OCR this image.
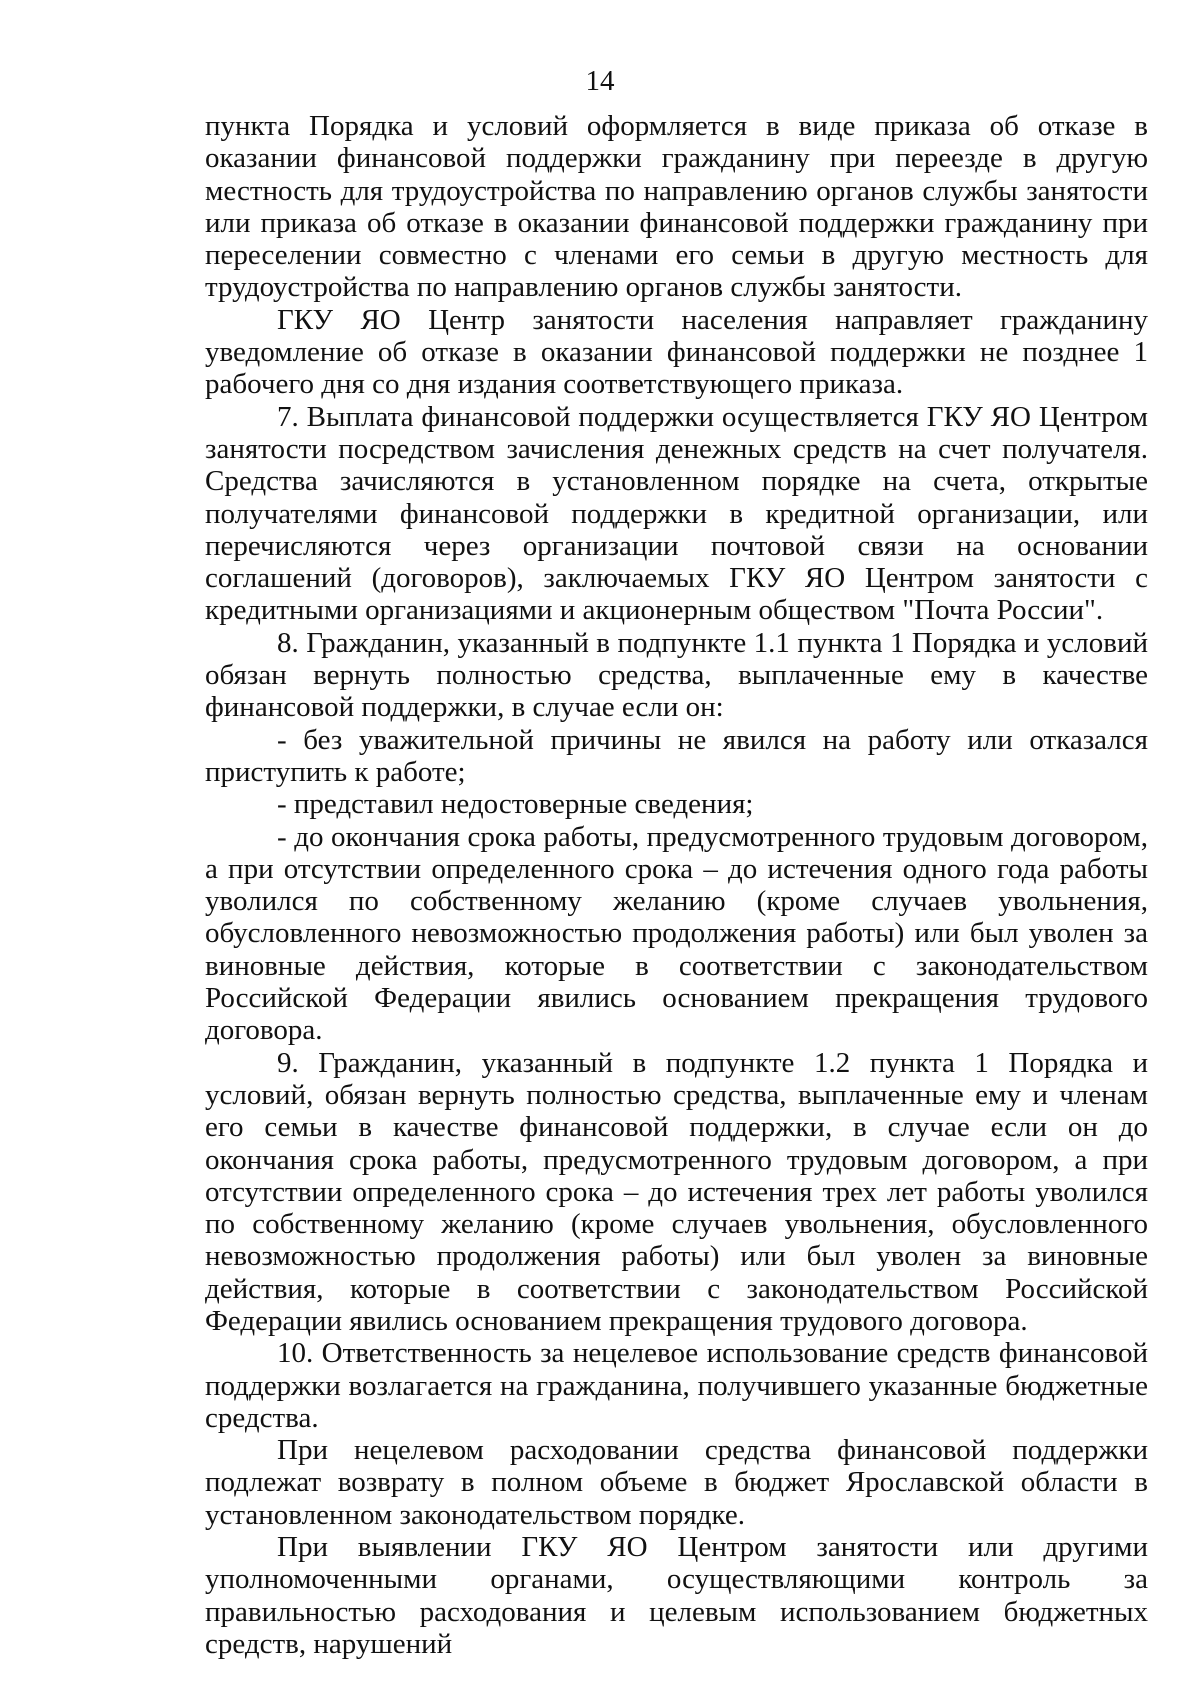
14

пункта Порядка и условий оформляется в виде приказа об отказе в оказании финансовой поддержки гражданину при переезде в другую местность для трудоустройства по направлению органов службы занятости или приказа об отказе в оказании финансовой поддержки гражданину при переселении совместно с членами его семьи в другую местность для трудоустройства по направлению органов службы занятости.

ГКУ ЯО Центр занятости населения направляет гражданину уведомление об отказе в оказании финансовой поддержки не позднее 1 рабочего дня со дня издания соответствующего приказа.

7. Выплата финансовой поддержки осуществляется ГКУ ЯО Центром занятости посредством зачисления денежных средств на счет получателя. Средства зачисляются в установленном порядке на счета, открытые получателями финансовой поддержки в кредитной организации, или перечисляются через организации почтовой связи на основании соглашений (договоров), заключаемых ГКУ ЯО Центром занятости с кредитными организациями и акционерным обществом "Почта России".

8. Гражданин, указанный в подпункте 1.1 пункта 1 Порядка и условий обязан вернуть полностью средства, выплаченные ему в качестве финансовой поддержки, в случае если он:

- без уважительной причины не явился на работу или отказался приступить к работе;

- представил недостоверные сведения;

- до окончания срока работы, предусмотренного трудовым договором, а при отсутствии определенного срока – до истечения одного года работы уволился по собственному желанию (кроме случаев увольнения, обусловленного невозможностью продолжения работы) или был уволен за виновные действия, которые в соответствии с законодательством Российской Федерации явились основанием прекращения трудового договора.

9. Гражданин, указанный в подпункте 1.2 пункта 1 Порядка и условий, обязан вернуть полностью средства, выплаченные ему и членам его семьи в качестве финансовой поддержки, в случае если он до окончания срока работы, предусмотренного трудовым договором, а при отсутствии определенного срока – до истечения трех лет работы уволился по собственному желанию (кроме случаев увольнения, обусловленного невозможностью продолжения работы) или был уволен за виновные действия, которые в соответствии с законодательством Российской Федерации явились основанием прекращения трудового договора.

10. Ответственность за нецелевое использование средств финансовой поддержки возлагается на гражданина, получившего указанные бюджетные средства.

При нецелевом расходовании средства финансовой поддержки подлежат возврату в полном объеме в бюджет Ярославской области в установленном законодательством порядке.

При выявлении ГКУ ЯО Центром занятости или другими уполномоченными органами, осуществляющими контроль за правильностью расходования и целевым использованием бюджетных средств, нарушений
